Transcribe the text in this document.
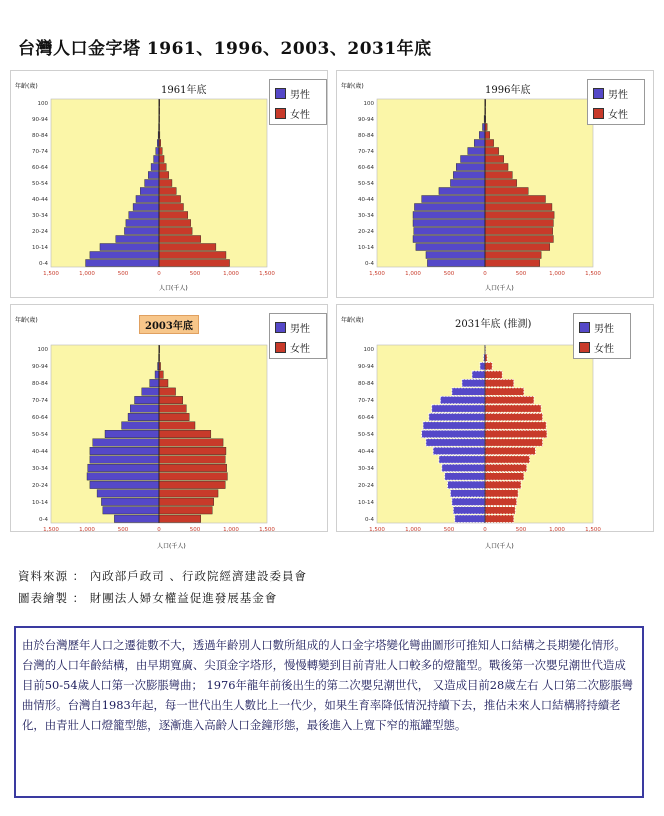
台灣人口金字塔 1961、1996、2003、2031年底
1,500	1,000	500	0	500	1,000	1,500
0-4
10-14
20-24
30-34
40-44
50-54
60-64
70-74
80-84
90-94
100
年齡(歲)	1961年底
人口(千人)
男性
女性
1,500	1,000	500	0	500	1,000	1,500
0-4
10-14
20-24
30-34
40-44
50-54
60-64
70-74
80-84
90-94
100
年齡(歲)	1996年底
人口(千人)
男性
女性
1,500	1,000	500	0	500	1,000	1,500
0-4
10-14
20-24
30-34
40-44
50-54
60-64
70-74
80-84
90-94
100
年齡(歲)
2003年底
人口(千人)
男性
女性
1,500	1,000	500	0	500	1,000	1,500
0-4
10-14
20-24
30-34
40-44
50-54
60-64
70-74
80-84
90-94
100
年齡(歲)	2031年底 (推測)
人口(千人)
男性
女性
資料來源 ： 內政部戶政司 、行政院經濟建設委員會
圖表繪製 ： 財團法人婦女權益促進發展基金會
由於台灣歷年人口之遷徙數不大，透過年齡別人口數所組成的人口金字塔變化彎曲圖形可推知人口結構之長期變化情形。台灣的人口年齡結構，由早期寬廣、尖頂金字塔形，慢慢轉變到目前青壯人口較多的燈籠型。戰後第一次嬰兒潮世代造成目前50-54歲人口第一次膨脹彎曲； 1976年龍年前後出生的第二次嬰兒潮世代， 又造成目前28歲左右 人口第二次膨脹彎曲情形。台灣自1983年起，每一世代出生人數比上一代少，如果生育率降低情況持續下去，推估未來人口結構將持續老化，由青壯人口燈籠型態，逐漸進入高齡人口金鐘形態，最後進入上寬下窄的瓶罐型態。
